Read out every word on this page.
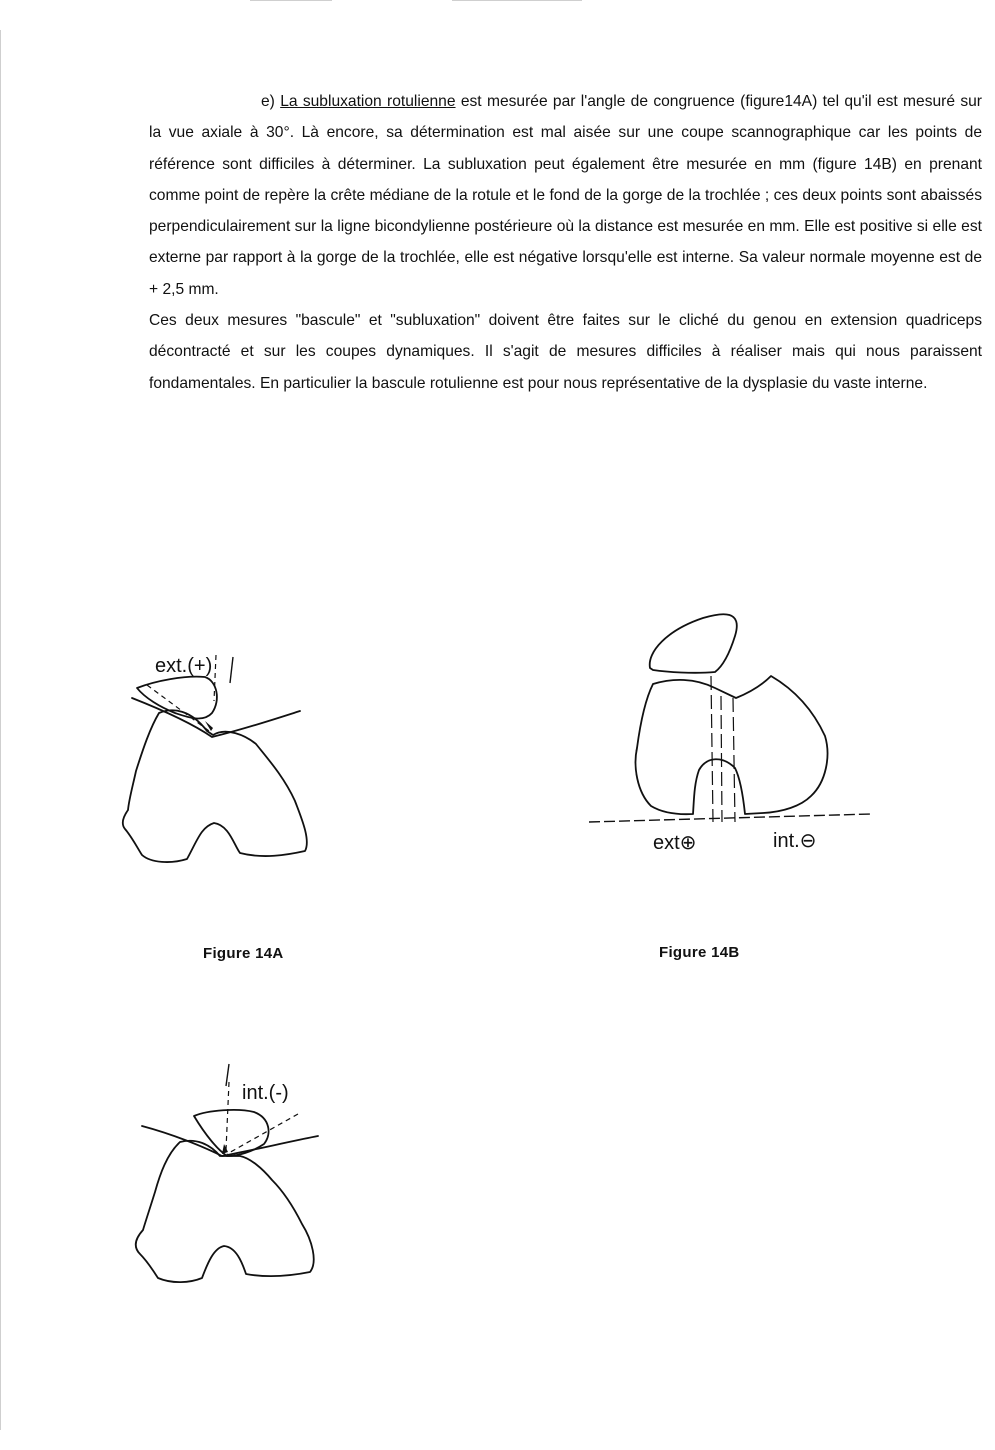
e) La subluxation rotulienne est mesurée par l'angle de congruence (figure14A) tel qu'il est mesuré sur la vue axiale à 30°. Là encore, sa détermination est mal aisée sur une coupe scannographique car les points de référence sont difficiles à déterminer. La subluxation peut également être mesurée en mm (figure 14B) en prenant comme point de repère la crête médiane de la rotule et le fond de la gorge de la trochlée ; ces deux points sont abaissés perpendiculairement sur la ligne bicondylienne postérieure où la distance est mesurée en mm. Elle est positive si elle est externe par rapport à la gorge de la trochlée, elle est négative lorsqu'elle est interne. Sa valeur normale moyenne est de + 2,5 mm.

Ces deux mesures "bascule" et "subluxation" doivent être faites sur le cliché du genou en extension quadriceps décontracté et sur les coupes dynamiques. Il s'agit de mesures difficiles à réaliser mais qui nous paraissent fondamentales. En particulier la bascule rotulienne est pour nous représentative de la dysplasie du vaste interne.

ext.(+)
Figure 14A
ext⊕	int.⊖
Figure 14B
int.(-)
